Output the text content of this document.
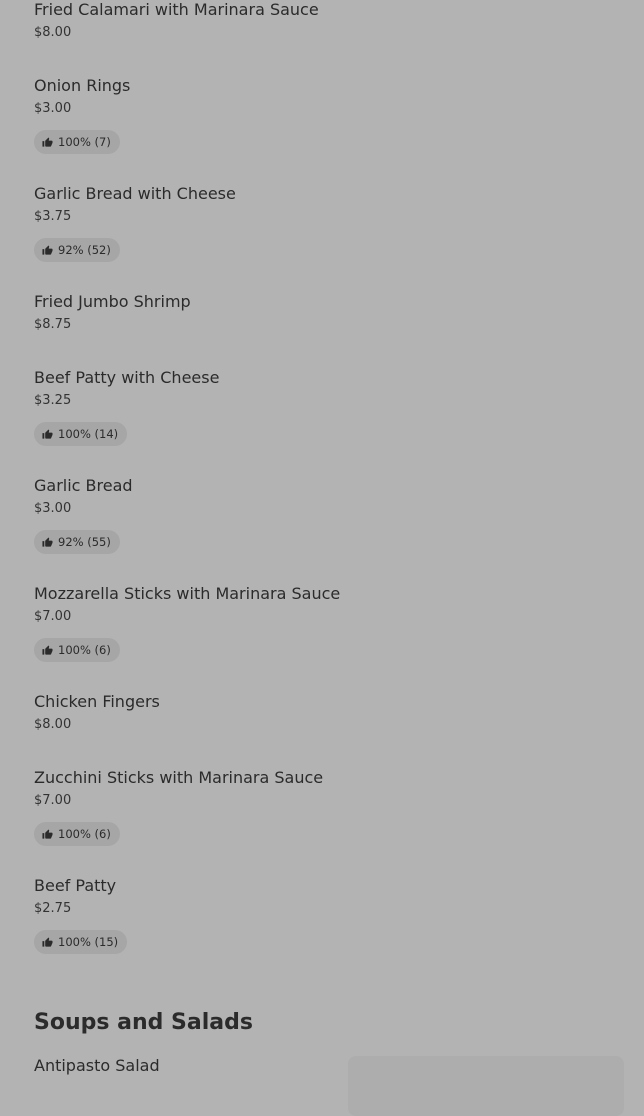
Fried Calamari with Marinara Sauce
$8.00
Onion Rings
$3.00
100% (7)
Garlic Bread with Cheese
$3.75
92% (52)
Fried Jumbo Shrimp
$8.75
Beef Patty with Cheese
$3.25
100% (14)
Garlic Bread
$3.00
92% (55)
Mozzarella Sticks with Marinara Sauce
$7.00
100% (6)
Chicken Fingers
$8.00
Zucchini Sticks with Marinara Sauce
$7.00
100% (6)
Beef Patty
$2.75
100% (15)
Soups and Salads
Antipasto Salad
